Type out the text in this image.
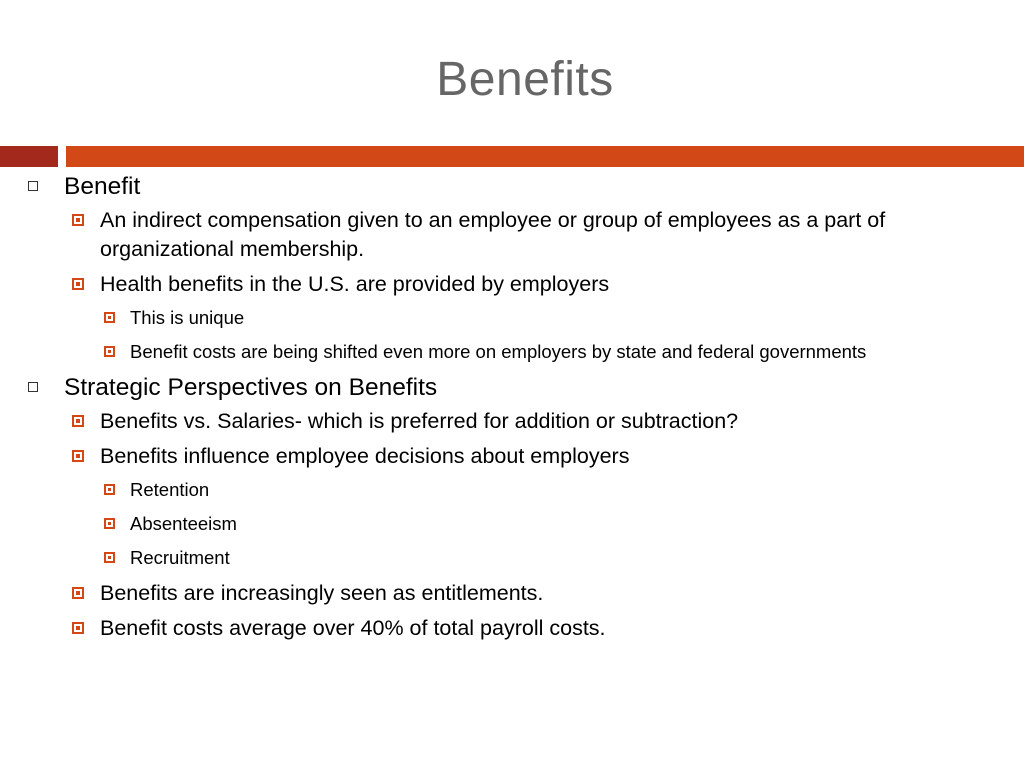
Benefits
Benefit
An indirect compensation given to an employee or group of employees as a part of organizational membership.
Health benefits in the U.S. are provided by employers
This is unique
Benefit costs are being shifted even more on employers by state and federal governments
Strategic Perspectives on Benefits
Benefits vs. Salaries- which is preferred for addition or subtraction?
Benefits influence employee decisions about employers
Retention
Absenteeism
Recruitment
Benefits are increasingly seen as entitlements.
Benefit costs average over 40% of total payroll costs.
